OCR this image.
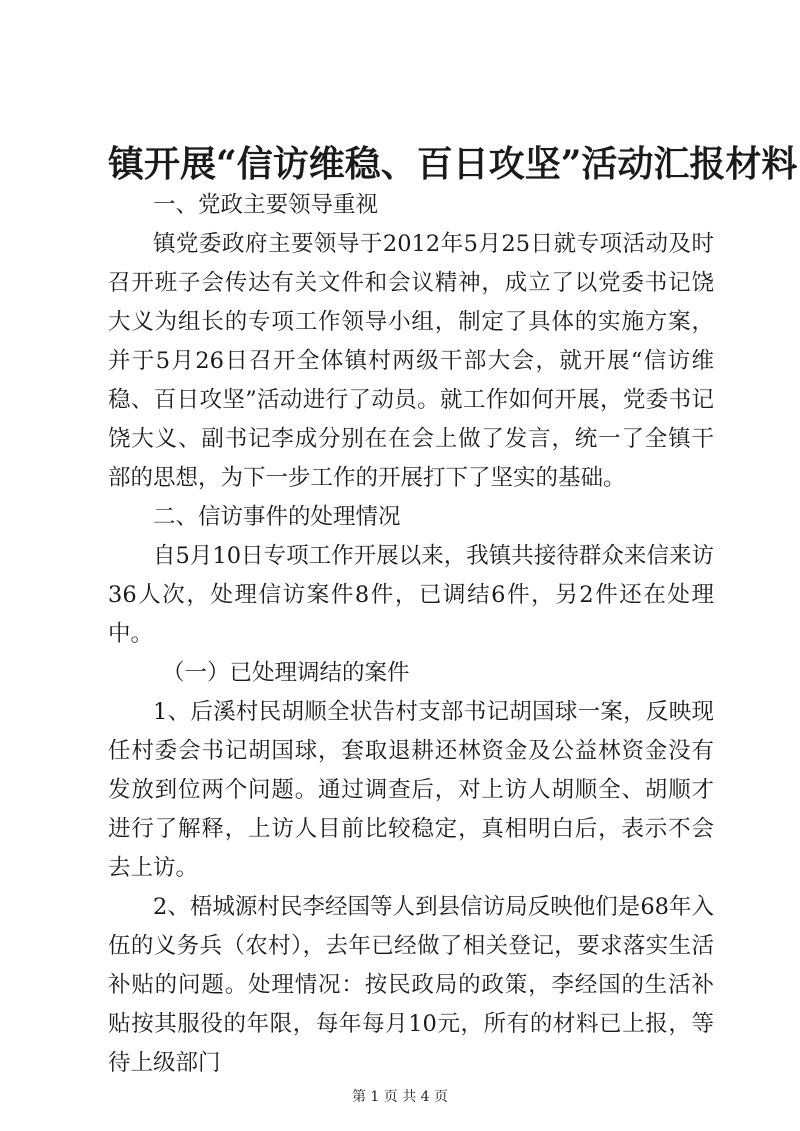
镇开展“信访维稳、百日攻坚”活动汇报材料

一、党政主要领导重视

镇党委政府主要领导于2012年5月25日就专项活动及时召开班子会传达有关文件和会议精神，成立了以党委书记饶大义为组长的专项工作领导小组，制定了具体的实施方案，并于5月26日召开全体镇村两级干部大会，就开展“信访维稳、百日攻坚”活动进行了动员。就工作如何开展，党委书记饶大义、副书记李成分别在在会上做了发言，统一了全镇干部的思想，为下一步工作的开展打下了坚实的基础。

二、信访事件的处理情况

自5月10日专项工作开展以来，我镇共接待群众来信来访36人次，处理信访案件8件，已调结6件，另2件还在处理中。

（一）已处理调结的案件

1、后溪村民胡顺全状告村支部书记胡国球一案，反映现任村委会书记胡国球，套取退耕还林资金及公益林资金没有发放到位两个问题。通过调查后，对上访人胡顺全、胡顺才进行了解释，上访人目前比较稳定，真相明白后，表示不会去上访。

2、梧城源村民李经国等人到县信访局反映他们是68年入伍的义务兵（农村），去年已经做了相关登记，要求落实生活补贴的问题。处理情况：按民政局的政策，李经国的生活补贴按其服役的年限，每年每月10元，所有的材料已上报，等待上级部门

第 1 页 共 4 页
